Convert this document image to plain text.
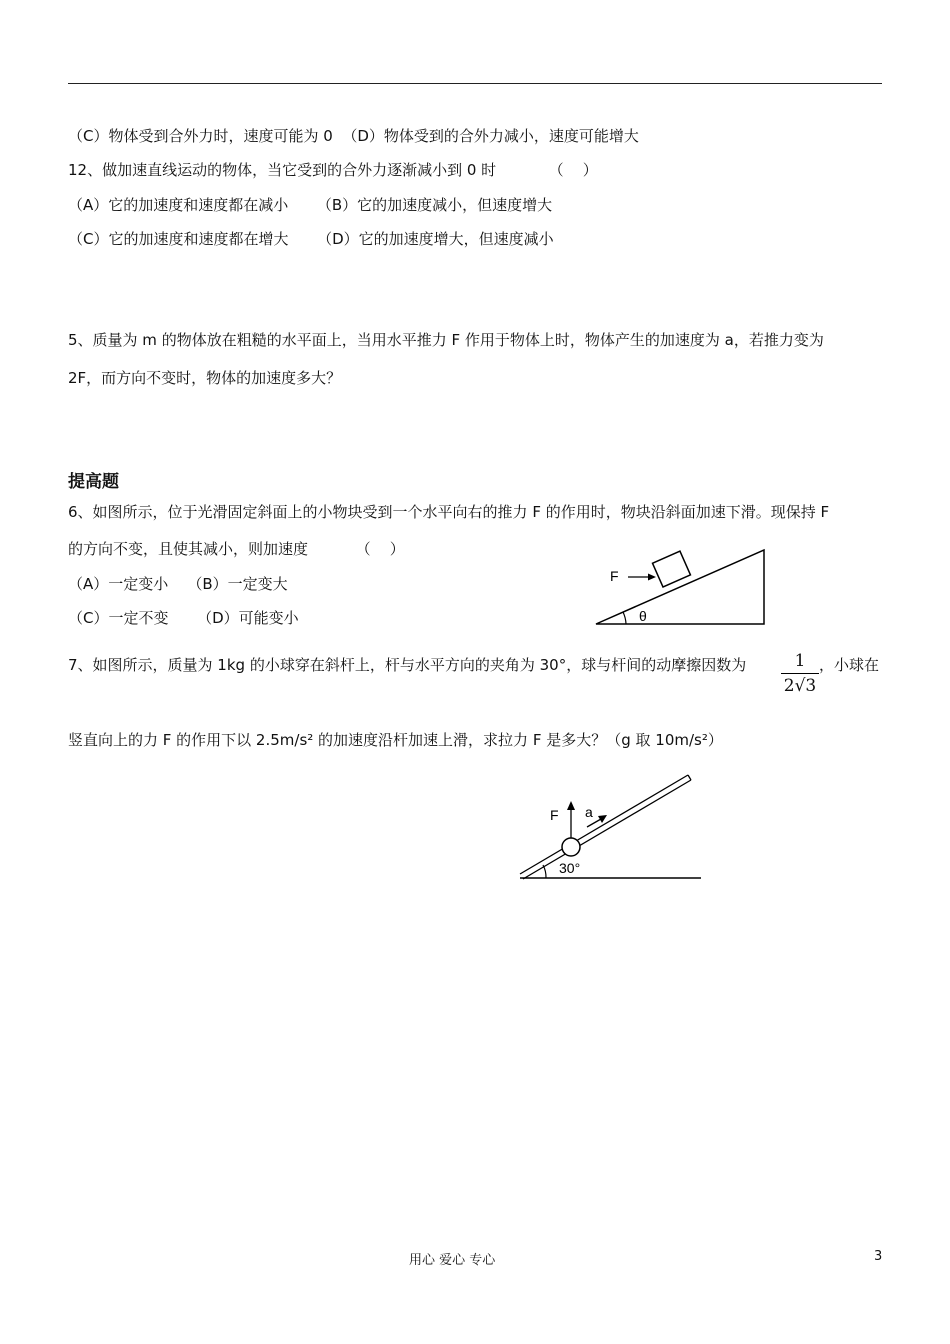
（C）物体受到合外力时，速度可能为 0  （D）物体受到的合外力减小，速度可能增大
12、做加速直线运动的物体，当它受到的合外力逐渐减小到 0 时           （    ）
（A）它的加速度和速度都在减小      （B）它的加速度减小，但速度增大
（C）它的加速度和速度都在增大      （D）它的加速度增大，但速度减小
5、质量为 m 的物体放在粗糙的水平面上，当用水平推力 F 作用于物体上时，物体产生的加速度为 a，若推力变为
2F，而方向不变时，物体的加速度多大？
提高题
6、如图所示，位于光滑固定斜面上的小物块受到一个水平向右的推力 F 的作用时，物块沿斜面加速下滑。现保持 F
的方向不变，且使其减小，则加速度          （    ）
（A）一定变小    （B）一定变大
（C）一定不变      （D）可能变小
F
θ
7、如图所示，质量为 1kg 的小球穿在斜杆上，杆与水平方向的夹角为 30°，球与杆间的动摩擦因数为	1
2√3
，小球在
竖直向上的力 F 的作用下以 2.5m/s² 的加速度沿杆加速上滑，求拉力 F 是多大？（g 取 10m/s²）
F a
30°
用心 爱心 专心	3
